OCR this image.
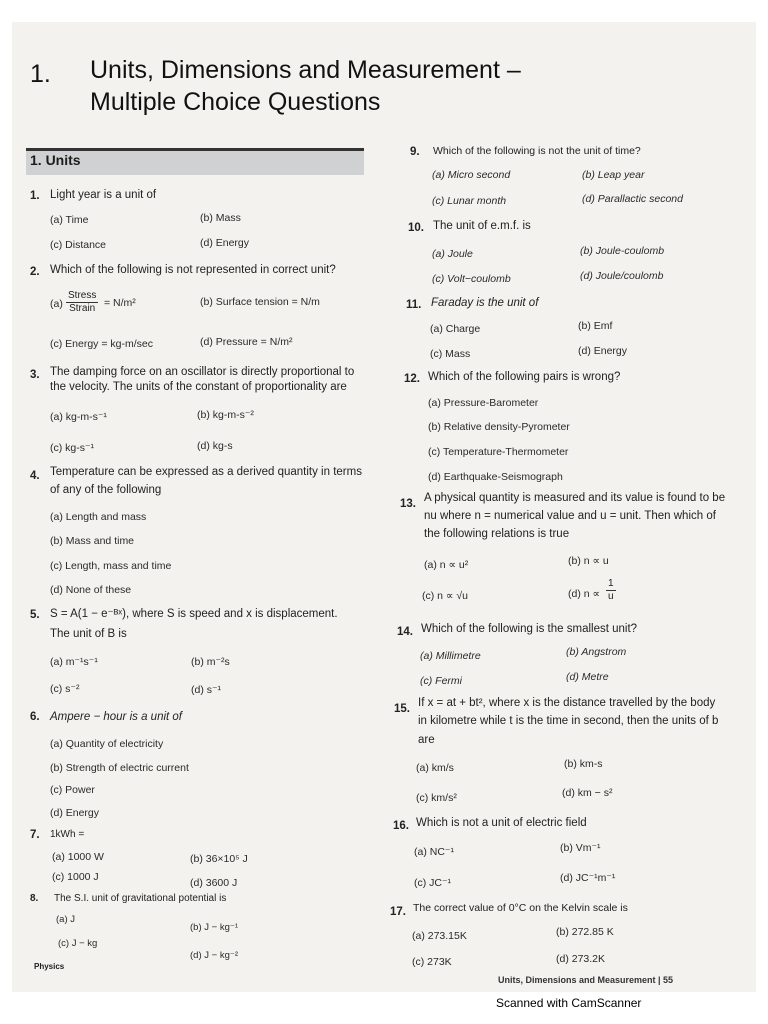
1. Units, Dimensions and Measurement –
Multiple Choice Questions
1. Units
1. Light year is a unit of
(a) Time	(b) Mass
(c) Distance	(d) Energy
2. Which of the following is not represented in correct unit?
$(a) \frac{\text{Stress}}{\text{Strain}} = N/m^2$	(b) Surface tension = N/m
(c) Energy = kg-m/sec	(d) Pressure = N/m²
3. The damping force on an oscillator is directly proportional to
the velocity. The units of the constant of proportionality are
(a) kg-m-s⁻¹	(b) kg-m-s⁻²
(c) kg-s⁻¹	(d) kg-s
4. Temperature can be expressed as a derived quantity in terms
of any of the following
(a) Length and mass
(b) Mass and time
(c) Length, mass and time
(d) None of these
5. S = A(1 − e⁻ᴮˣ), where S is speed and x is displacement.
The unit of B is
(a) m⁻¹s⁻¹	(b) m⁻²s
(c) s⁻²	(d) s⁻¹
6. Ampere − hour is a unit of
(a) Quantity of electricity
(b) Strength of electric current
(c) Power
(d) Energy
7. 1kWh =
(a) 1000 W	(b) 36×10⁵ J
(c) 1000 J	(d) 3600 J
8. The S.I. unit of gravitational potential is
(a) J
(b) J − kg⁻¹
(c) J − kg
(d) J − kg⁻²
9. Which of the following is not the unit of time?
(a) Micro second	(b) Leap year
(c) Lunar month	(d) Parallactic second
10. The unit of e.m.f. is
(a) Joule	(b) Joule-coulomb
(c) Volt−coulomb	(d) Joule/coulomb
11. Faraday is the unit of
(a) Charge	(b) Emf
(c) Mass	(d) Energy
12. Which of the following pairs is wrong?
(a) Pressure-Barometer
(b) Relative density-Pyrometer
(c) Temperature-Thermometer
(d) Earthquake-Seismograph
13. A physical quantity is measured and its value is found to be
nu where n = numerical value and u = unit. Then which of
the following relations is true
(a) n ∝ u²	(b) n ∝ u
(c) n ∝ √u	(d) $n \propto \frac{1}{u}$
14. Which of the following is the smallest unit?
(a) Millimetre	(b) Angstrom
(c) Fermi	(d) Metre
15. If x = at + bt², where x is the distance travelled by the body
in kilometre while t is the time in second, then the units of b
are
(a) km/s	(b) km-s
(c) km/s²	(d) km − s²
16. Which is not a unit of electric field
(a) NC⁻¹	(b) Vm⁻¹
(c) JC⁻¹	(d) JC⁻¹m⁻¹
17. The correct value of 0°C on the Kelvin scale is
(a) 273.15K	(b) 272.85 K
(c) 273K	(d) 273.2K
Physics
Units, Dimensions and Measurement | 55
Scanned with CamScanner
